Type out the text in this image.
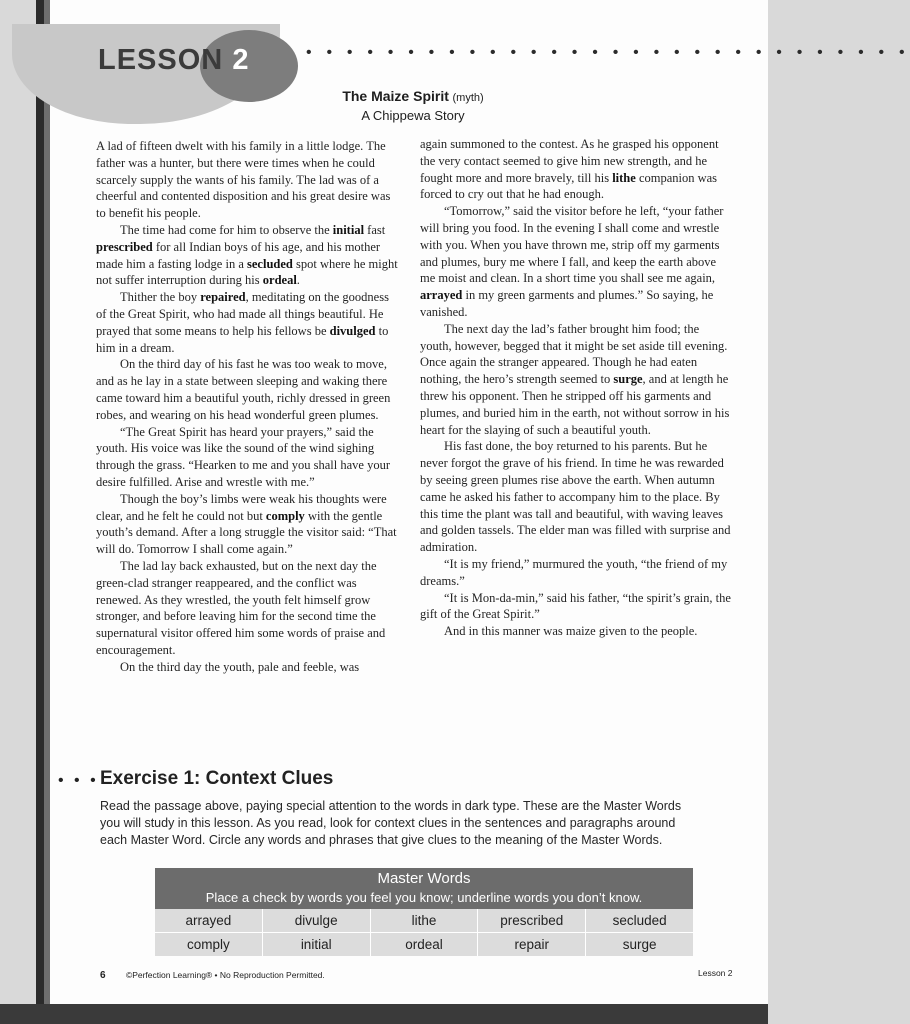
LESSON 2	• • • • • • • • • • • • • • • • • • • • • • • • • • • • • •
The Maize Spirit (myth)
A Chippewa Story

A lad of fifteen dwelt with his family in a little lodge. The father was a hunter, but there were times when he could scarcely supply the wants of his family. The lad was of a cheerful and contented disposition and his great desire was to benefit his people.

The time had come for him to observe the initial fast prescribed for all Indian boys of his age, and his mother made him a fasting lodge in a secluded spot where he might not suffer interruption during his ordeal.

Thither the boy repaired, meditating on the goodness of the Great Spirit, who had made all things beautiful. He prayed that some means to help his fellows be divulged to him in a dream.

On the third day of his fast he was too weak to move, and as he lay in a state between sleeping and waking there came toward him a beautiful youth, richly dressed in green robes, and wearing on his head wonderful green plumes.

“The Great Spirit has heard your prayers,” said the youth. His voice was like the sound of the wind sighing through the grass. “Hearken to me and you shall have your desire fulfilled. Arise and wrestle with me.”

Though the boy’s limbs were weak his thoughts were clear, and he felt he could not but comply with the gentle youth’s demand. After a long struggle the visitor said: “That will do. Tomorrow I shall come again.”

The lad lay back exhausted, but on the next day the green-clad stranger reappeared, and the conflict was renewed. As they wrestled, the youth felt himself grow stronger, and before leaving him for the second time the supernatural visitor offered him some words of praise and encouragement.

On the third day the youth, pale and feeble, was

again summoned to the contest. As he grasped his opponent the very contact seemed to give him new strength, and he fought more and more bravely, till his lithe companion was forced to cry out that he had enough.

“Tomorrow,” said the visitor before he left, “your father will bring you food. In the evening I shall come and wrestle with you. When you have thrown me, strip off my garments and plumes, bury me where I fall, and keep the earth above me moist and clean. In a short time you shall see me again, arrayed in my green garments and plumes.” So saying, he vanished.

The next day the lad’s father brought him food; the youth, however, begged that it might be set aside till evening. Once again the stranger appeared. Though he had eaten nothing, the hero’s strength seemed to surge, and at length he threw his opponent. Then he stripped off his garments and plumes, and buried him in the earth, not without sorrow in his heart for the slaying of such a beautiful youth.

His fast done, the boy returned to his parents. But he never forgot the grave of his friend. In time he was rewarded by seeing green plumes rise above the earth. When autumn came he asked his father to accompany him to the place. By this time the plant was tall and beautiful, with waving leaves and golden tassels. The elder man was filled with surprise and admiration.

“It is my friend,” murmured the youth, “the friend of my dreams.”

“It is Mon-da-min,” said his father, “the spirit’s grain, the gift of the Great Spirit.”

And in this manner was maize given to the people.

• • • Exercise 1: Context Clues
Read the passage above, paying special attention to the words in dark type. These are the Master Words you will study in this lesson. As you read, look for context clues in the sentences and paragraphs around each Master Word. Circle any words and phrases that give clues to the meaning of the Master Words.
Master Words
Place a check by words you feel you know; underline words you don’t know.
arrayed	divulge	lithe	prescribed	secluded
comply	initial	ordeal	repair	surge
6 ©Perfection Learning® • No Reproduction Permitted.	Lesson 2
